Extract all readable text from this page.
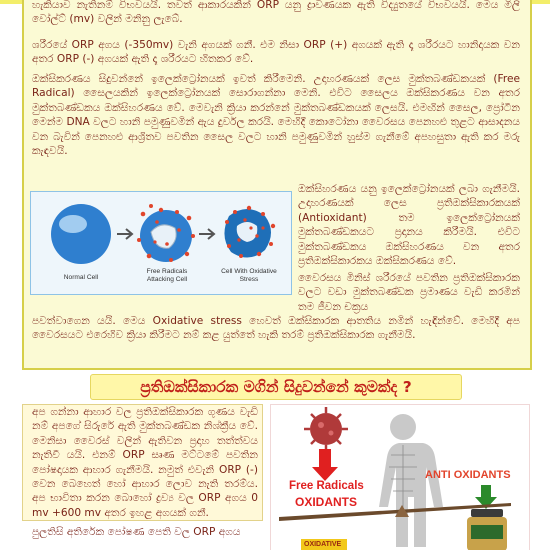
හැකියාව නැතිනම් විභවයයි. තවත් ආකාරයකින් ORP යනු ද්‍රාවණයක ඇති විද්‍යුතයේ විභවයයි. මෙය මිලි වෝල්ට් (mv) වලින් මනිනු ලැබේ.

ශරීරයේ ORP අගය (-350mv) වැනි අගයක් ගනී. එම නිසා ORP (+) අගයක් ඇති දෑ ශරීරයට හානිදායක වන අතර ORP (-) අගයක් ඇති දෑ ශරීරයට හිතකර වේ.

ඔක්සිකරණය සිදුවන්නේ ඉලෙක්ට්‍රෝනයක් ඉවත් කිරීමෙනි. උදාහරණයක් ලෙස මුක්තබණ්ඩකයක් (Free Radical) සෛලයකින් ඉලෙක්ට්‍රෝනයක් සොරාගන්නා මෙනි. එවිට සෛලය ඔක්සිකරණය වන අතර මුක්තබණ්ඩකය ඔක්සිහරණය වේ. මෙවැනි ක්‍රියා කරන්නේ මුක්තබණ්ඩකයක් ලෙසයි. එමඟින් සෛල, ප්‍රෝටීන මෙන්ම DNA වලට හානි පමුණුවමින් ඇය දුර්වල කරයි. මෙහිදී කොටෝනා වෛරසය පෙනහළු තුළට ආසාදනය වන බැවින් පෙනහළු ආශ්‍රිතව පවතින සෛල වලට හානි පමුණුවමින් හුස්ම ගැනීමේ අපහසුතා ඇති කර මරු කැඳවයි.

Normal Cell
Free Radicals Attacking Cell
Cell With Oxidative Stress

ඔක්සිහරණය යනු ඉලෙක්ට්‍රෝනයක් ලබා ගැනීමයි. උදාහරණයක් ලෙස ප්‍රතිඔක්සිකාරකයක් (Antioxidant) තම ඉලෙක්ට්‍රෝනයක් මුක්තබණ්ඩකයට ප්‍රදානය කිරීමයි. එවිට මුක්තබණ්ඩකය ඔක්සිහරණය වන අතර ප්‍රතිඔක්සිකාරකය ඔක්සිකරණය වේ.

වෛරසය මිනිස් ශරීරයේ පවතින ප්‍රතිඔක්සිකාරක වලට වඩා මුක්තබණ්ඩක ප්‍රමාණය වැඩි කරමින් තම ජීවන චක්‍රය

පවත්වාගෙන යයි. මෙය Oxidative stress හෙවත් ඔක්සිකාරක ආතතිය නමින් හැඳින්වේ. මෙහිදී අප වෛරසයට එරෙහිව ක්‍රියා කිරීමට නම් කළ යුත්තේ හැකි තරම් ප්‍රතිඔක්සිකාරක ගැනීමයි.

ප්‍රතිඔක්සිකාරක මගින් සිදුවන්නේ කුමක්ද ?

අප ගන්නා ආහාර වල ප්‍රතිඔක්සිකාරක ගුණය වැඩි නම් අපගේ සිරුරේ ඇති මුක්තබණ්ඩක නිශ්ක්‍රීය වේ. මෙනිසා වෛරස් වලින් ඇතිවන ප්‍රදාහ තත්ත්වය නැතිවී යයි. එනම් ORP සෘණ මට්ටමේ පවතින පෝෂදායක ආහාර ගැනීමයි. නමුත් එවැනි ORP (-) වෙන බෙහෙත් හෝ ආහාර ලොව නැති තරම්ය. අප භාවිතා කරන බොහෝ ද්‍රව්‍ය වල ORP අගය 0 mv +600 mv අතර ඉහළ අගයක් ගනී.

පුලතිසි අතිරේක පෝෂණ පෙති වල ORP අගය

Free Radicals
OXIDANTS
ANTI OXIDANTS
OXIDATIVE
